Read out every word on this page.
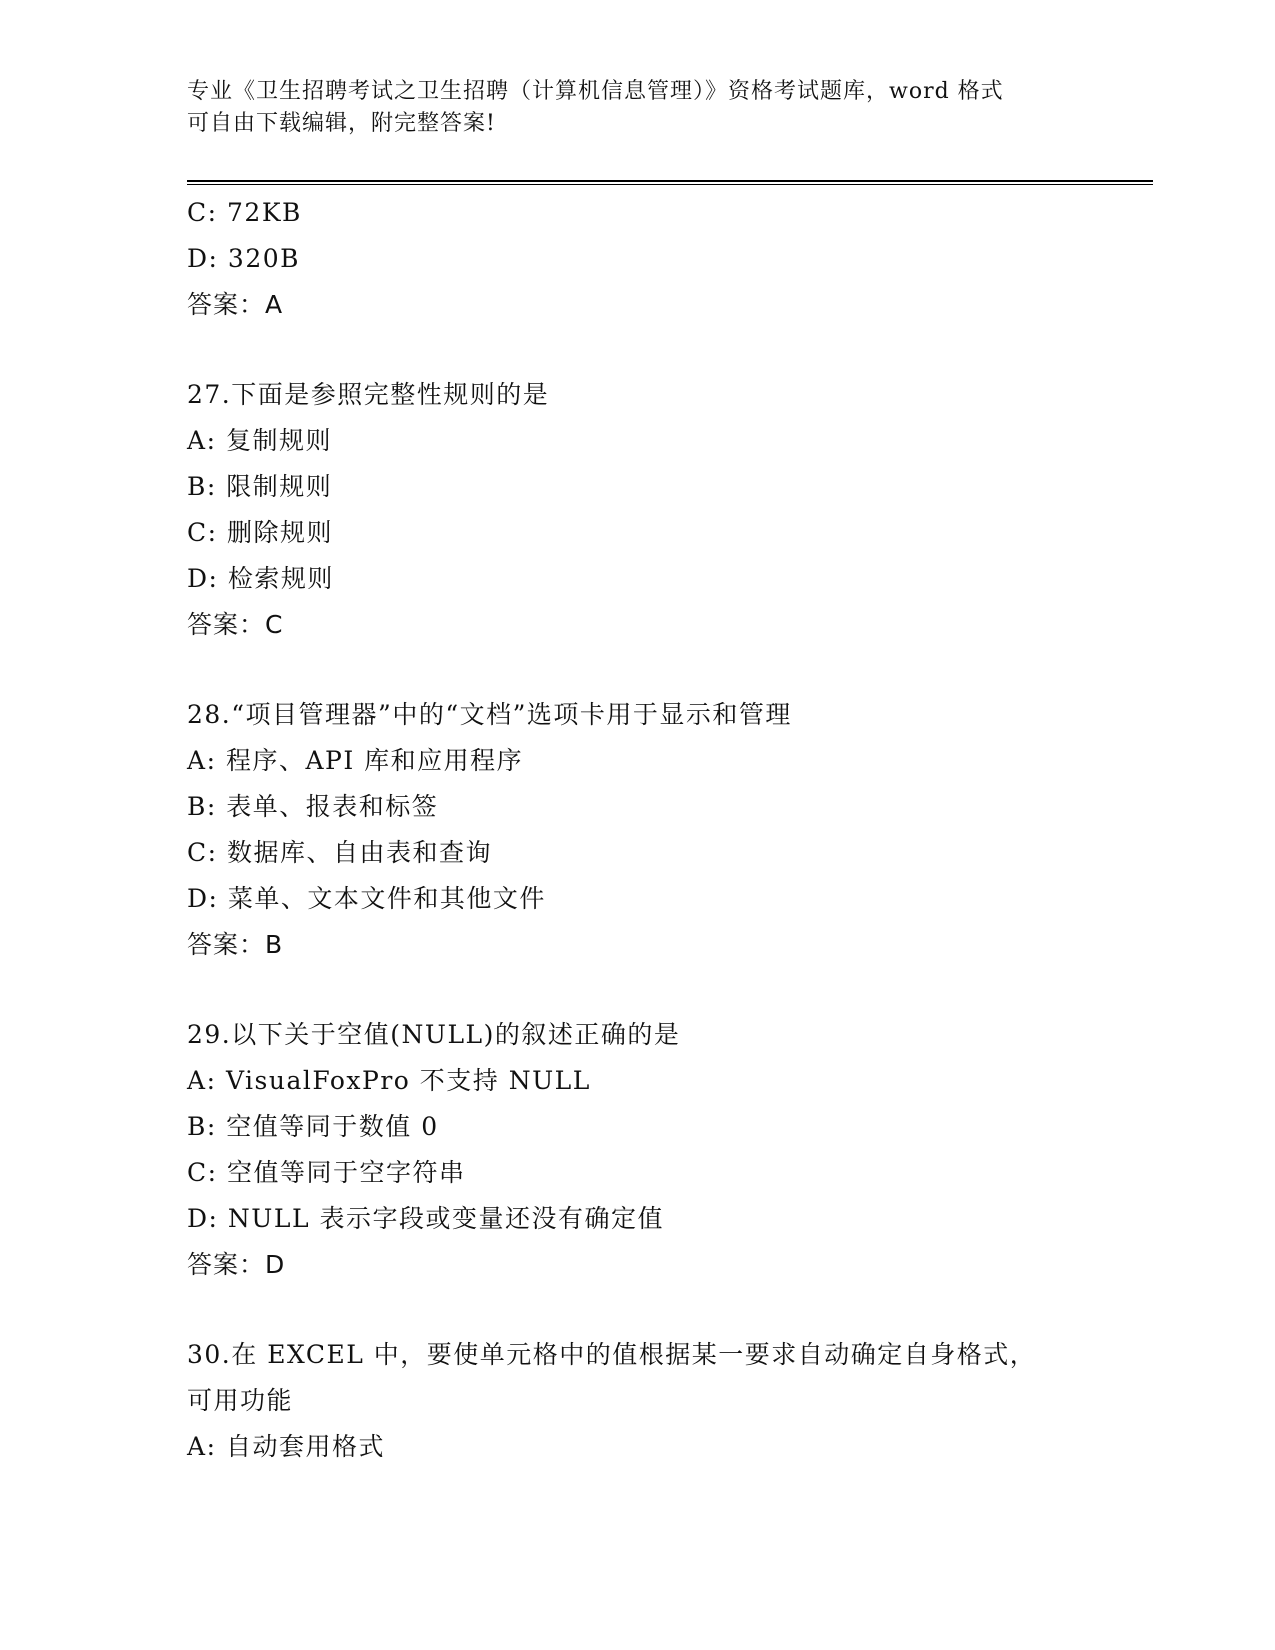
专业《卫生招聘考试之卫生招聘（计算机信息管理）》资格考试题库，word 格式
可自由下载编辑，附完整答案!
C: 72KB
D: 320B
答案：A
27.下面是参照完整性规则的是
A: 复制规则
B: 限制规则
C: 删除规则
D: 检索规则
答案：C
28.“项目管理器”中的“文档”选项卡用于显示和管理
A: 程序、API 库和应用程序
B: 表单、报表和标签
C: 数据库、自由表和查询
D: 菜单、文本文件和其他文件
答案：B
29.以下关于空值(NULL)的叙述正确的是
A: VisualFoxPro 不支持 NULL
B: 空值等同于数值 0
C: 空值等同于空字符串
D: NULL 表示字段或变量还没有确定值
答案：D
30.在 EXCEL 中，要使单元格中的值根据某一要求自动确定自身格式，
可用功能
A: 自动套用格式
